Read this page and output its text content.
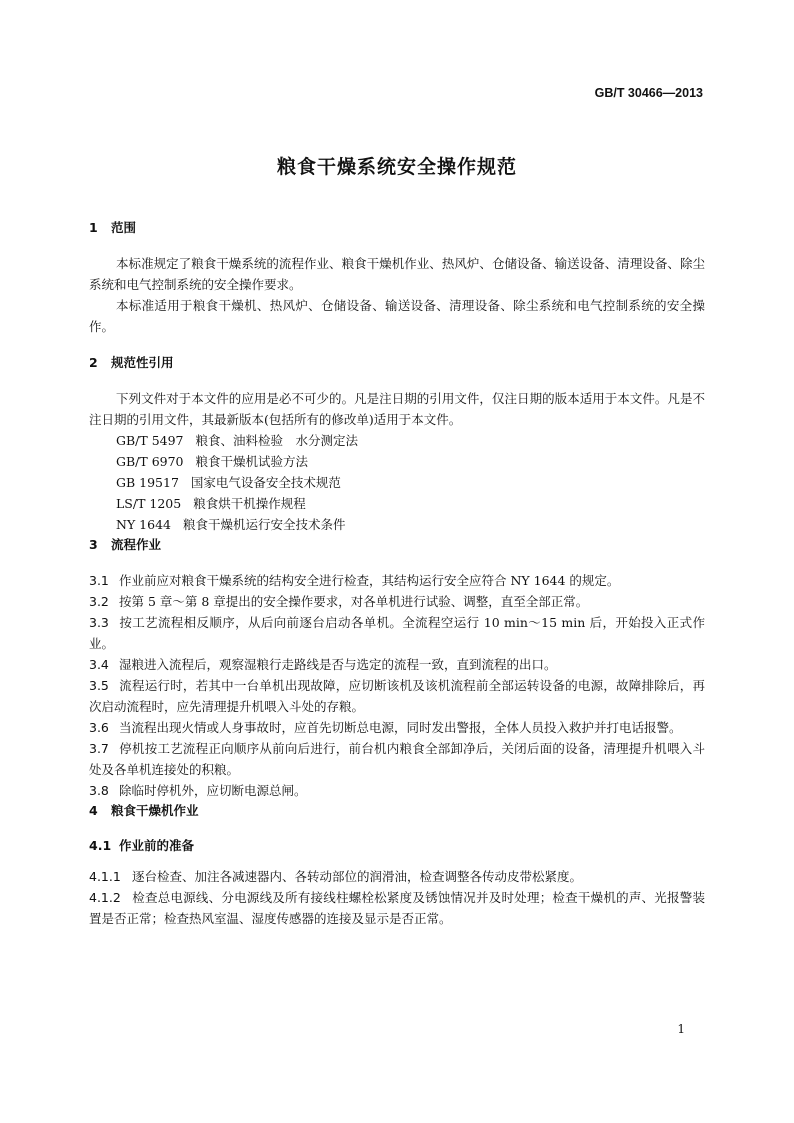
GB/T 30466—2013
粮食干燥系统安全操作规范
1 范围

本标准规定了粮食干燥系统的流程作业、粮食干燥机作业、热风炉、仓储设备、输送设备、清理设备、除尘系统和电气控制系统的安全操作要求。

本标准适用于粮食干燥机、热风炉、仓储设备、输送设备、清理设备、除尘系统和电气控制系统的安全操作。

2 规范性引用

下列文件对于本文件的应用是必不可少的。凡是注日期的引用文件，仅注日期的版本适用于本文件。凡是不注日期的引用文件，其最新版本(包括所有的修改单)适用于本文件。

GB/T 5497 粮食、油料检验　水分测定法
GB/T 6970 粮食干燥机试验方法
GB 19517 国家电气设备安全技术规范
LS/T 1205 粮食烘干机操作规程
NY 1644 粮食干燥机运行安全技术条件
3 流程作业

3.1 作业前应对粮食干燥系统的结构安全进行检查，其结构运行安全应符合 NY 1644 的规定。

3.2 按第 5 章～第 8 章提出的安全操作要求，对各单机进行试验、调整，直至全部正常。

3.3 按工艺流程相反顺序，从后向前逐台启动各单机。全流程空运行 10 min～15 min 后，开始投入正式作业。

3.4 湿粮进入流程后，观察湿粮行走路线是否与选定的流程一致，直到流程的出口。

3.5 流程运行时，若其中一台单机出现故障，应切断该机及该机流程前全部运转设备的电源，故障排除后，再次启动流程时，应先清理提升机喂入斗处的存粮。

3.6 当流程出现火情或人身事故时，应首先切断总电源，同时发出警报，全体人员投入救护并打电话报警。

3.7 停机按工艺流程正向顺序从前向后进行，前台机内粮食全部卸净后，关闭后面的设备，清理提升机喂入斗处及各单机连接处的积粮。

3.8 除临时停机外，应切断电源总闸。

4 粮食干燥机作业
4.1 作业前的准备

4.1.1 逐台检查、加注各减速器内、各转动部位的润滑油，检查调整各传动皮带松紧度。

4.1.2 检查总电源线、分电源线及所有接线柱螺栓松紧度及锈蚀情况并及时处理；检查干燥机的声、光报警装置是否正常；检查热风室温、湿度传感器的连接及显示是否正常。

1
